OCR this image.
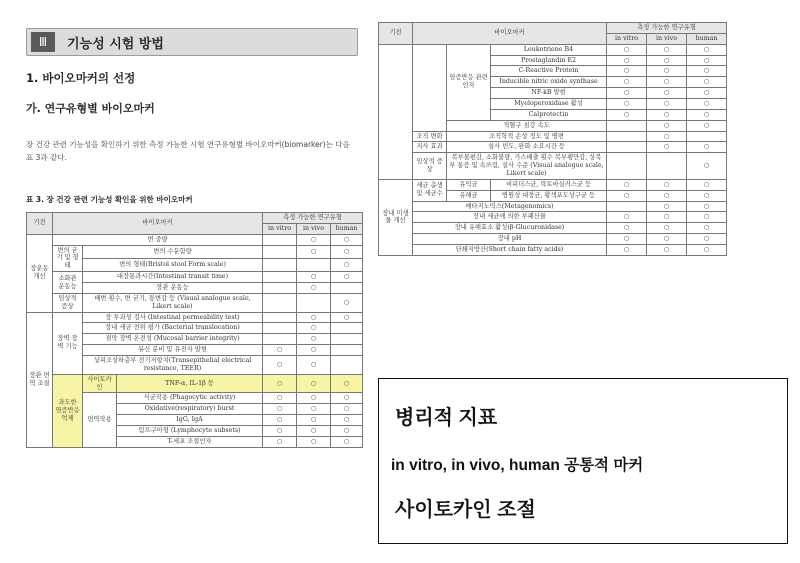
Ⅲ	기능성 시험 방법
1. 바이오마커의 선정
가. 연구유형별 바이오마커
장 건강 관련 기능성을 확인하기 위한 측정 가능한 시험 연구유형별 바이오마커(biomarker)는 다음 표 3과 같다.
표 3. 장 건강 관련 기능성 확인을 위한 바이오마커
기전	바이오마커			측정 가능한 연구유형		
				in vitro	in vivo	human
장운동 개선	변 중량				○	○
	변의 굳기 및 형태	변의 수분함량			○	○
		변의 형태(Bristol stool Form scale)				○
	소화관 운동능	대장통과시간(Intestinal transit time)			○	○
		장관 운동능			○	
	임상적 증상	배변 횟수, 변 굳기, 통변감 등 (Visual analogue scale, Likert scale)				○
장관 면역 조절	장벽 장벽 기능	장 투과성 검사 (Intestinal permeability test)			○	○
		장내 세균 전위 평가 (Bacterial translocation)			○	
		점막 장벽 온전성 (Mucosal barrier integrity)			○	
		뮤신 분비 및 유전자 발현		○	○	
		상피조상하층부 전기저항치(Transepithelial electrical resistance, TEER)		○	○	
	과도한 염증반응 억제	사이토카인	TNF-α, IL-1β 등	○	○	○
		면역작용	식균작용 (Phagocytic activity)	○	○	○
			Oxidative(respiratory) burst	○	○	○
			IgG, IgA	○	○	○
			림프구아형 (Lymphocyte subsets)	○	○	○
			T-세포 조절인자	○	○	○
기전	바이오마커			측정 가능한 연구유형		
				in vitro	in vivo	human
		염증반응 관련 인자	Leukotriene B4	○	○	○
			Prostaglandin E2	○	○	○
			C-Reactive Protein	○	○	○
			Inducible nitric oxide synthase	○	○	○
			NF-kB 발현	○	○	○
			Myeloperoxidase 활성	○	○	○
			Calprotectin	○	○	○
		적혈구 침강 속도			○	○
	조직 변화	조직학적 손상 정도 및 병변			○	
	지사 효과	설사 빈도, 완화 소요시간 등			○	○
	임상적 증상	복부불편감, 소화불량, 가스배출 횟수 복부팽만감, 상복부 통증 및 속쓰림, 설사 수준 (Visual analogue scale, Likert scale)				○
장내 미생물 개선	세균 총생 및 세균수	유익균	비피더스균, 락토바실러스균 등	○	○	○
		유해균	병원성 대장균, 황색포도상구균 등	○	○	○
	메타지노믹스(Metagenomics)				○	○
	장내 세균에 의한 부패산물			○	○	○
	장내 유해효소 활성(β-Glucuronidase)			○	○	○
	장내 pH			○	○	○
	단쇄지방산(Short chain fatty acids)			○	○	○
병리적 지표
in vitro, in vivo, human 공통적 마커
사이토카인 조절
